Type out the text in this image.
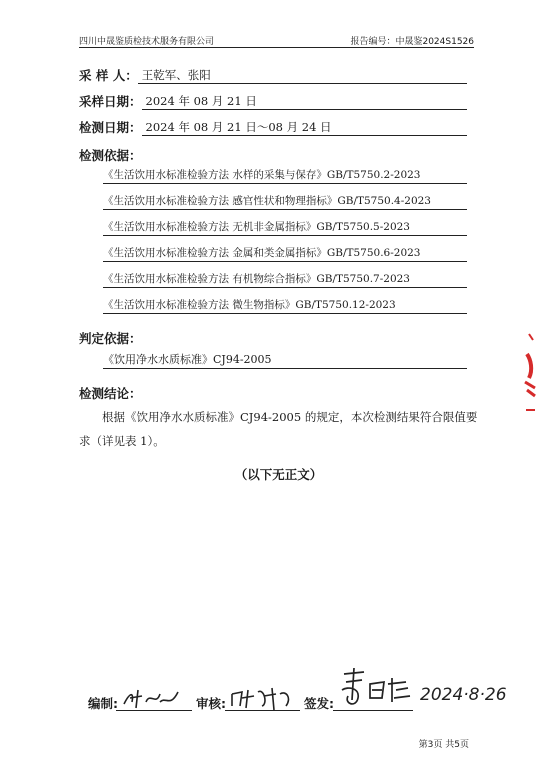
四川中晟鉴质检技术服务有限公司	报告编号：中晟鉴2024S1526
采 样 人： 王乾军、张阳
采样日期： 2024 年 08 月 21 日
检测日期： 2024 年 08 月 21 日～08 月 24 日
检测依据：
《生活饮用水标准检验方法 水样的采集与保存》GB/T5750.2-2023
《生活饮用水标准检验方法 感官性状和物理指标》GB/T5750.4-2023
《生活饮用水标准检验方法 无机非金属指标》GB/T5750.5-2023
《生活饮用水标准检验方法 金属和类金属指标》GB/T5750.6-2023
《生活饮用水标准检验方法 有机物综合指标》GB/T5750.7-2023
《生活饮用水标准检验方法 微生物指标》GB/T5750.12-2023
判定依据：
《饮用净水水质标准》CJ94-2005
检测结论：
根据《饮用净水水质标准》CJ94-2005 的规定，本次检测结果符合限值要求（详见表 1）。
（以下无正文）
编制:	审核:	签发:	2024·8·26
第3页 共5页
